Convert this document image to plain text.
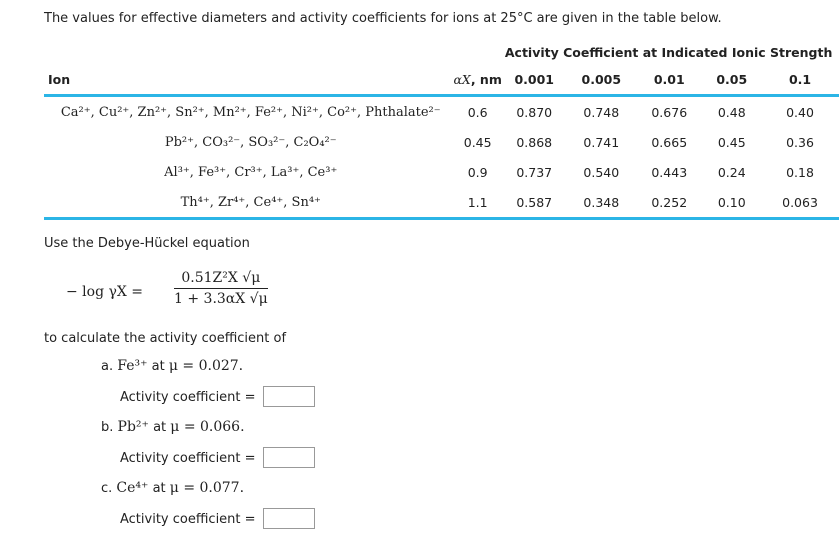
The values for effective diameters and activity coefficients for ions at 25°C are given in the table below.
		Activity Coefficient at Indicated Ionic Strength				
Ion	αX, nm	0.001	0.005	0.01	0.05	0.1
Ca²⁺, Cu²⁺, Zn²⁺, Sn²⁺, Mn²⁺, Fe²⁺, Ni²⁺, Co²⁺, Phthalate²⁻	0.6	0.870	0.748	0.676	0.48	0.40
Pb²⁺, CO₃²⁻, SO₃²⁻, C₂O₄²⁻	0.45	0.868	0.741	0.665	0.45	0.36
Al³⁺, Fe³⁺, Cr³⁺, La³⁺, Ce³⁺	0.9	0.737	0.540	0.443	0.24	0.18
Th⁴⁺, Zr⁴⁺, Ce⁴⁺, Sn⁴⁺	1.1	0.587	0.348	0.252	0.10	0.063
Use the Debye-Hückel equation
− log γX =
0.51Z²X √μ
1 + 3.3αX √μ
to calculate the activity coefficient of
a. Fe³⁺ at μ = 0.027.
Activity coefficient =
b. Pb²⁺ at μ = 0.066.
Activity coefficient =
c. Ce⁴⁺ at μ = 0.077.
Activity coefficient =
